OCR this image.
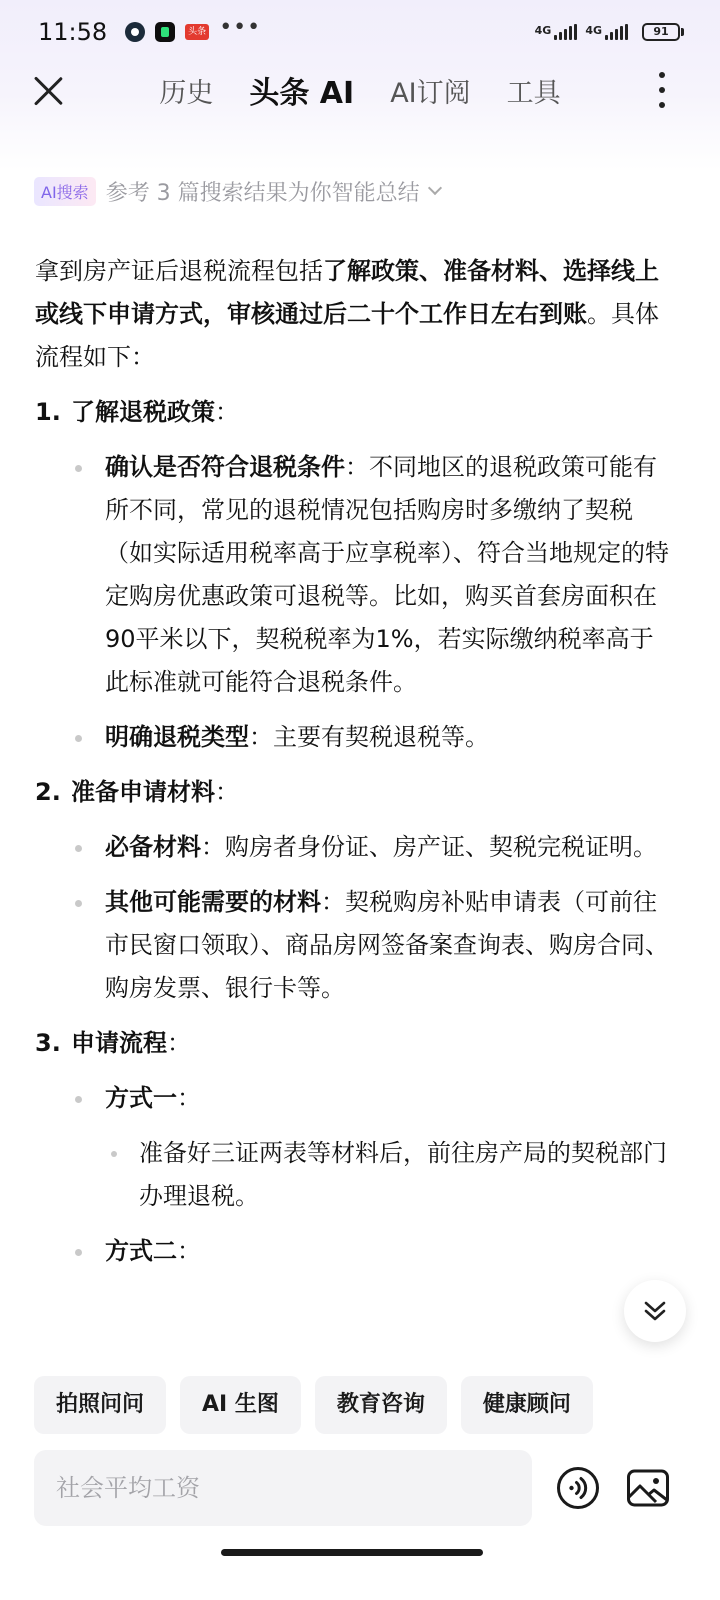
11:58	头条 •••	4G	4G	91
历史	头条 AI	AI订阅	工具
AI搜索 参考 3 篇搜索结果为你智能总结

拿到房产证后退税流程包括了解政策、准备材料、选择线上或线下申请方式，审核通过后二十个工作日左右到账。具体流程如下：

1. 了解退税政策：
确认是否符合退税条件：不同地区的退税政策可能有所不同，常见的退税情况包括购房时多缴纳了契税（如实际适用税率高于应享税率）、符合当地规定的特定购房优惠政策可退税等。比如，购买首套房面积在90平米以下，契税税率为1%，若实际缴纳税率高于此标准就可能符合退税条件。
明确退税类型：主要有契税退税等。
2. 准备申请材料：
必备材料：购房者身份证、房产证、契税完税证明。
其他可能需要的材料：契税购房补贴申请表（可前往市民窗口领取）、商品房网签备案查询表、购房合同、购房发票、银行卡等。
3. 申请流程：
方式一：
准备好三证两表等材料后，前往房产局的契税部门办理退税。
方式二：
拍照问问	AI 生图	教育咨询	健康顾问
社会平均工资
